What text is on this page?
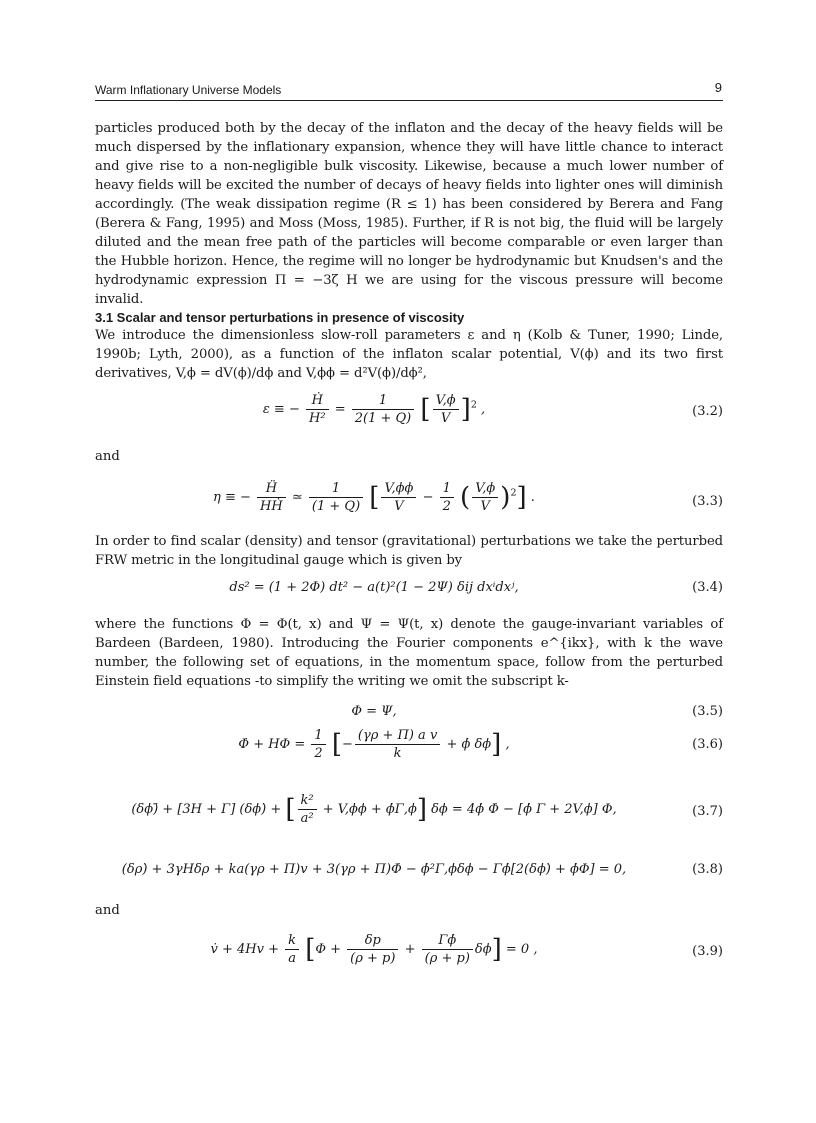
Warm Inflationary Universe Models	9
particles produced both by the decay of the inflaton and the decay of the heavy fields will be much dispersed by the inflationary expansion, whence they will have little chance to interact and give rise to a non-negligible bulk viscosity. Likewise, because a much lower number of heavy fields will be excited the number of decays of heavy fields into lighter ones will diminish accordingly. (The weak dissipation regime (R ≤ 1) has been considered by Berera and Fang (Berera & Fang, 1995) and Moss (Moss, 1985). Further, if R is not big, the fluid will be largely diluted and the mean free path of the particles will become comparable or even larger than the Hubble horizon. Hence, the regime will no longer be hydrodynamic but Knudsen's and the hydrodynamic expression Π = −3ζ H we are using for the viscous pressure will become invalid.
3.1 Scalar and tensor perturbations in presence of viscosity
We introduce the dimensionless slow-roll parameters ε and η (Kolb & Tuner, 1990; Linde, 1990b; Lyth, 2000), as a function of the inflaton scalar potential, V(ϕ) and its two first derivatives, V,ϕ = dV(ϕ)/dϕ and V,ϕϕ = d²V(ϕ)/dϕ²,
ε ≡ − $\frac{\text{Ḣ}}{\text{H²}} = \frac{1}{2(1 + Q)}$ [ $\frac{V,\phi}{V} ]^2$ ,	(3.2)
and
η ≡ − $\frac{\text{Ḧ}}{\text{HḢ}}$ ≃ $\frac{1}{(1 + Q)}$ [ $\frac{V,\phi\phi}{V} - \frac{1}{2}$ ( $\frac{V,\phi}{V} )^2$] .	(3.3)
In order to find scalar (density) and tensor (gravitational) perturbations we take the perturbed FRW metric in the longitudinal gauge which is given by
ds² = (1 + 2Φ) dt² − a(t)²(1 − 2Ψ) δij dxⁱdxʲ,	(3.4)
where the functions Φ = Φ(t, x) and Ψ = Ψ(t, x) denote the gauge-invariant variables of Bardeen (Bardeen, 1980). Introducing the Fourier components e^{ikx}, with k the wave number, the following set of equations, in the momentum space, follow from the perturbed Einstein field equations -to simplify the writing we omit the subscript k-
Φ = Ψ,	(3.5)
Φ̇ + $H\Phi = \frac{1}{2}$ [− $\frac{\text{(γρ + Π) a v}}{k}$ + ϕ̇ δϕ] ,	(3.6)
(δϕ)̈ + [3H + Γ] (δϕ)̇ + [ $\frac{\text{k²}}{\text{a²}} + V,\phi\phi$ + ϕ̇Γ,ϕ] δϕ = 4ϕ̇ Φ̇ − [ϕ̇ Γ + 2V,ϕ] Φ,	(3.7)
(δρ)̇ + 3γHδρ + ka(γρ + Π)v + 3(γρ + Π)Φ̇ − ϕ̇²Γ,ϕδϕ − Γϕ̇[2(δϕ)̇ + ϕ̇Φ] = 0,	(3.8)
and
v̇ + $4Hv + \frac{k}{a} [\Phi + \frac{\delta p}{(\rho + p)} + \frac{\Gamma\phi̇}{(\rho + p)} \delta\phi] = 0$ ,	(3.9)
